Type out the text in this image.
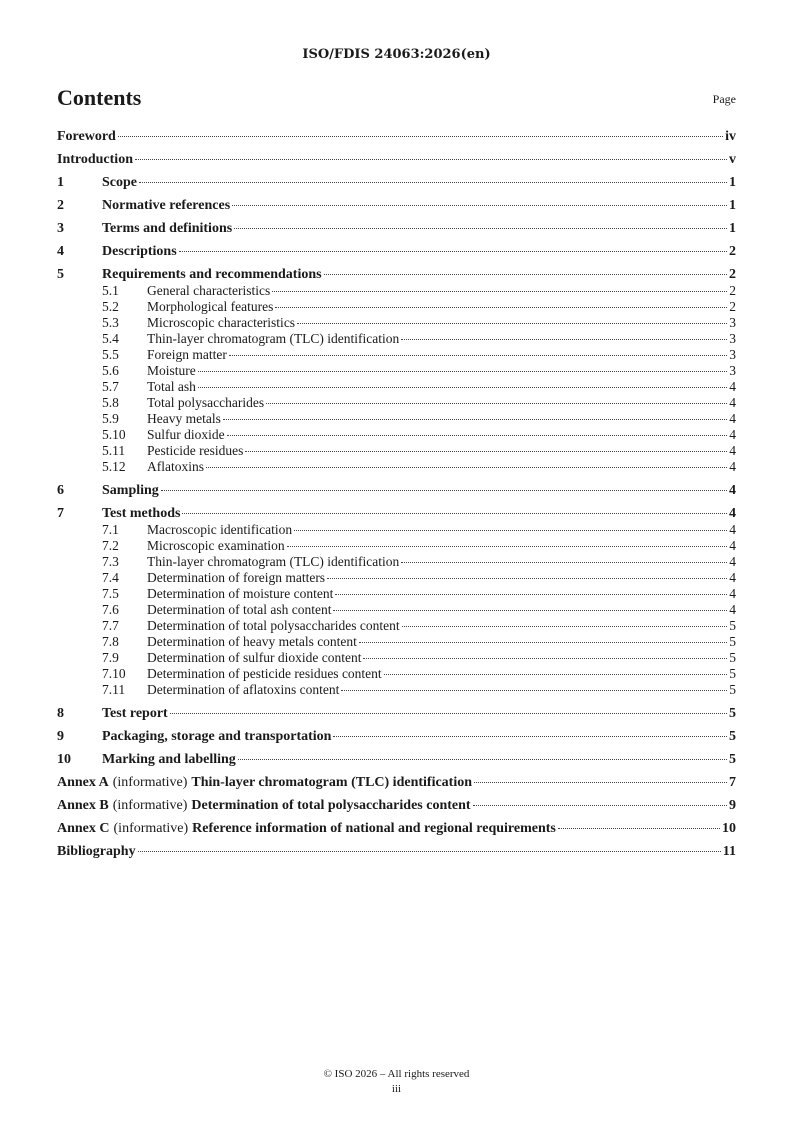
ISO/FDIS 24063:2026(en)
Contents	Page
Foreword	iv
Introduction	v
1	Scope	1
2	Normative references	1
3	Terms and definitions	1
4	Descriptions	2
5	Requirements and recommendations	2
5.1	General characteristics	2
5.2	Morphological features	2
5.3	Microscopic characteristics	3
5.4	Thin-layer chromatogram (TLC) identification	3
5.5	Foreign matter	3
5.6	Moisture	3
5.7	Total ash	4
5.8	Total polysaccharides	4
5.9	Heavy metals	4
5.10	Sulfur dioxide	4
5.11	Pesticide residues	4
5.12	Aflatoxins	4
6	Sampling	4
7	Test methods	4
7.1	Macroscopic identification	4
7.2	Microscopic examination	4
7.3	Thin-layer chromatogram (TLC) identification	4
7.4	Determination of foreign matters	4
7.5	Determination of moisture content	4
7.6	Determination of total ash content	4
7.7	Determination of total polysaccharides content	5
7.8	Determination of heavy metals content	5
7.9	Determination of sulfur dioxide content	5
7.10	Determination of pesticide residues content	5
7.11	Determination of aflatoxins content	5
8	Test report	5
9	Packaging, storage and transportation	5
10	Marking and labelling	5
Annex A (informative) Thin-layer chromatogram (TLC) identification	7
Annex B (informative) Determination of total polysaccharides content	9
Annex C (informative) Reference information of national and regional requirements	10
Bibliography	11
© ISO 2026 – All rights reserved
iii
